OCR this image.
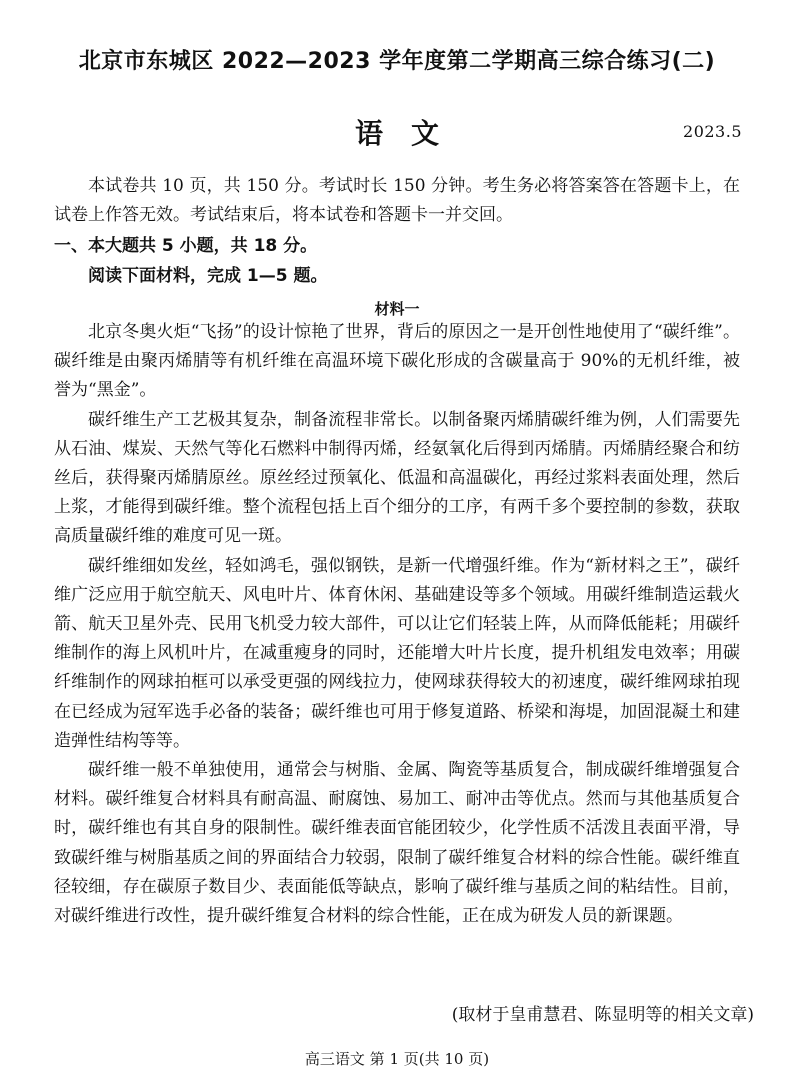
北京市东城区 2022—2023 学年度第二学期高三综合练习(二)
语文	2023.5
本试卷共 10 页，共 150 分。考试时长 150 分钟。考生务必将答案答在答题卡上，在试卷上作答无效。考试结束后，将本试卷和答题卡一并交回。
一、本大题共 5 小题，共 18 分。
阅读下面材料，完成 1—5 题。
材料一

北京冬奥火炬“飞扬”的设计惊艳了世界，背后的原因之一是开创性地使用了“碳纤维”。碳纤维是由聚丙烯腈等有机纤维在高温环境下碳化形成的含碳量高于 90%的无机纤维，被誉为“黑金”。

碳纤维生产工艺极其复杂，制备流程非常长。以制备聚丙烯腈碳纤维为例，人们需要先从石油、煤炭、天然气等化石燃料中制得丙烯，经氨氧化后得到丙烯腈。丙烯腈经聚合和纺丝后，获得聚丙烯腈原丝。原丝经过预氧化、低温和高温碳化，再经过浆料表面处理，然后上浆，才能得到碳纤维。整个流程包括上百个细分的工序，有两千多个要控制的参数，获取高质量碳纤维的难度可见一斑。

碳纤维细如发丝，轻如鸿毛，强似钢铁，是新一代增强纤维。作为“新材料之王”，碳纤维广泛应用于航空航天、风电叶片、体育休闲、基础建设等多个领域。用碳纤维制造运载火箭、航天卫星外壳、民用飞机受力较大部件，可以让它们轻装上阵，从而降低能耗；用碳纤维制作的海上风机叶片，在减重瘦身的同时，还能增大叶片长度，提升机组发电效率；用碳纤维制作的网球拍框可以承受更强的网线拉力，使网球获得较大的初速度，碳纤维网球拍现在已经成为冠军选手必备的装备；碳纤维也可用于修复道路、桥梁和海堤，加固混凝土和建造弹性结构等等。

碳纤维一般不单独使用，通常会与树脂、金属、陶瓷等基质复合，制成碳纤维增强复合材料。碳纤维复合材料具有耐高温、耐腐蚀、易加工、耐冲击等优点。然而与其他基质复合时，碳纤维也有其自身的限制性。碳纤维表面官能团较少，化学性质不活泼且表面平滑，导致碳纤维与树脂基质之间的界面结合力较弱，限制了碳纤维复合材料的综合性能。碳纤维直径较细，存在碳原子数目少、表面能低等缺点，影响了碳纤维与基质之间的粘结性。目前，对碳纤维进行改性，提升碳纤维复合材料的综合性能，正在成为研发人员的新课题。

(取材于皇甫慧君、陈显明等的相关文章)
高三语文 第 1 页(共 10 页)
